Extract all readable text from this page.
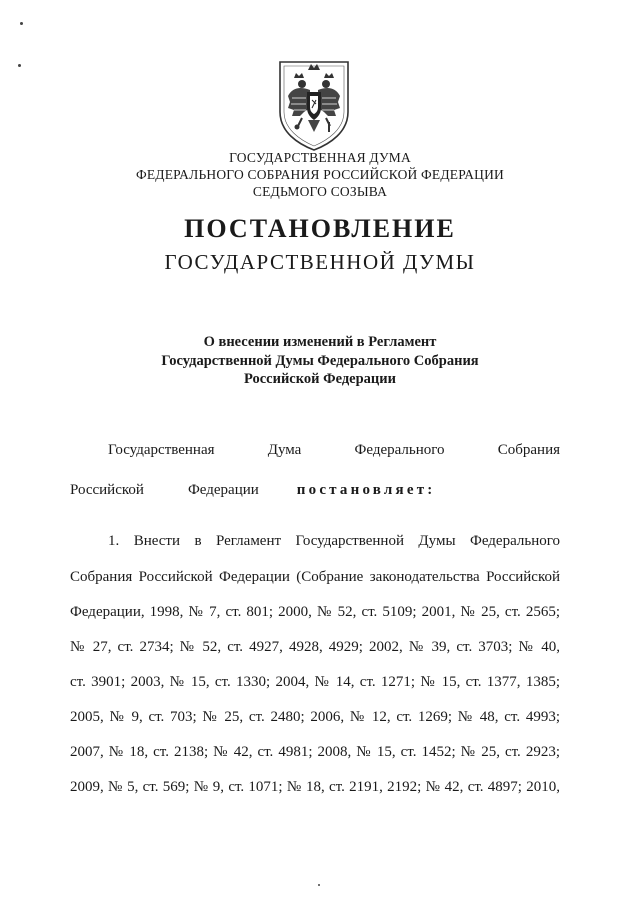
ГОСУДАРСТВЕННАЯ ДУМА
ФЕДЕРАЛЬНОГО СОБРАНИЯ РОССИЙСКОЙ ФЕДЕРАЦИИ
СЕДЬМОГО СОЗЫВА
ПОСТАНОВЛЕНИЕ
ГОСУДАРСТВЕННОЙ ДУМЫ
О внесении изменений в Регламент
Государственной Думы Федерального Собрания
Российской Федерации
Государственная	Дума	Федерального	Собрания
Российской	Федерации	постановляет:
1. Внести в Регламент Государственной Думы Федерального
Собрания Российской Федерации (Собрание законодательства Российской
Федерации, 1998, № 7, ст. 801; 2000, № 52, ст. 5109; 2001, № 25, ст. 2565;
№ 27, ст. 2734; № 52, ст. 4927, 4928, 4929; 2002, № 39, ст. 3703; № 40,
ст. 3901; 2003, № 15, ст. 1330; 2004, № 14, ст. 1271; № 15, ст. 1377, 1385;
2005, № 9, ст. 703; № 25, ст. 2480; 2006, № 12, ст. 1269; № 48, ст. 4993;
2007, № 18, ст. 2138; № 42, ст. 4981; 2008, № 15, ст. 1452; № 25, ст. 2923;
2009, № 5, ст. 569; № 9, ст. 1071; № 18, ст. 2191, 2192; № 42, ст. 4897; 2010,
